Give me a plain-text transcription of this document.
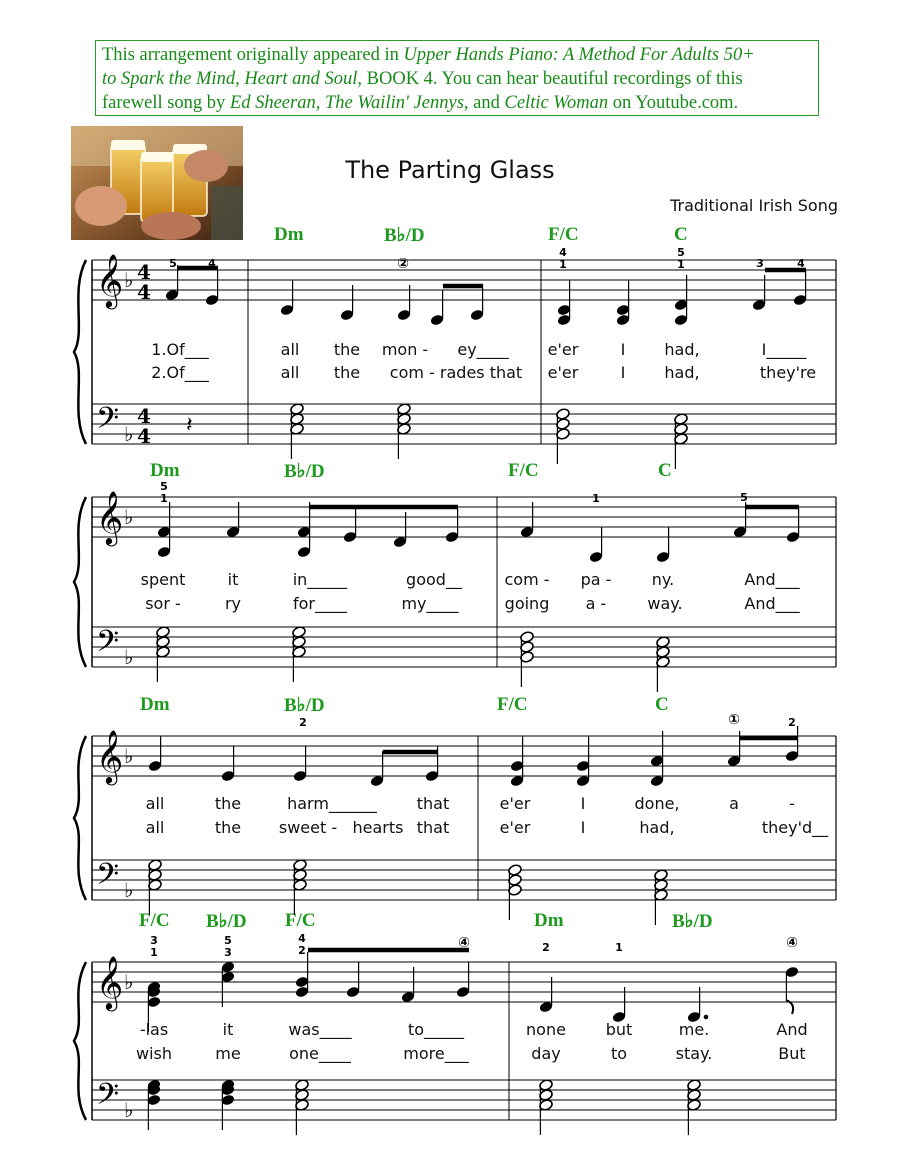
This arrangement originally appeared in Upper Hands Piano: A Method For Adults 50+
to Spark the Mind, Heart and Soul, BOOK 4. You can hear beautiful recordings of this
farewell song by Ed Sheeran, The Wailin' Jennys, and Celtic Woman on Youtube.com.
The Parting Glass
Traditional Irish Song
Dm	B♭/D	F/C	C
Dm	B♭/D	F/C	C
Dm	B♭/D	F/C	C
F/C B♭/D F/C	Dm	B♭/D
𝄞
𝄢
♭
♭
4
4
4
4
𝄞
𝄢
♭
♭
𝄞
𝄢
♭
♭
𝄞
𝄢
♭
♭
𝄽
5	4	②
4
1
5
1	3	4
5
1	1	5
2	①	2
3
1
5
3
4
2	④	2	1	④
1.Of___	all the mon - ey____ e'er	I had,	I_____
2.Of___	all the com - rades that e'er	I had,	they're
spent	it	in_____	good__	com - pa -	ny.	And___
sor -	ry	for____	my____	going a -	way.	And___
all	the	harm______ that	e'er	I	done,	a	-
all	the sweet - hearts that	e'er	I	had,	they'd__
-las	it	was____	to_____	none but	me.	And
wish	me	one____	more___	day	to	stay.	But
